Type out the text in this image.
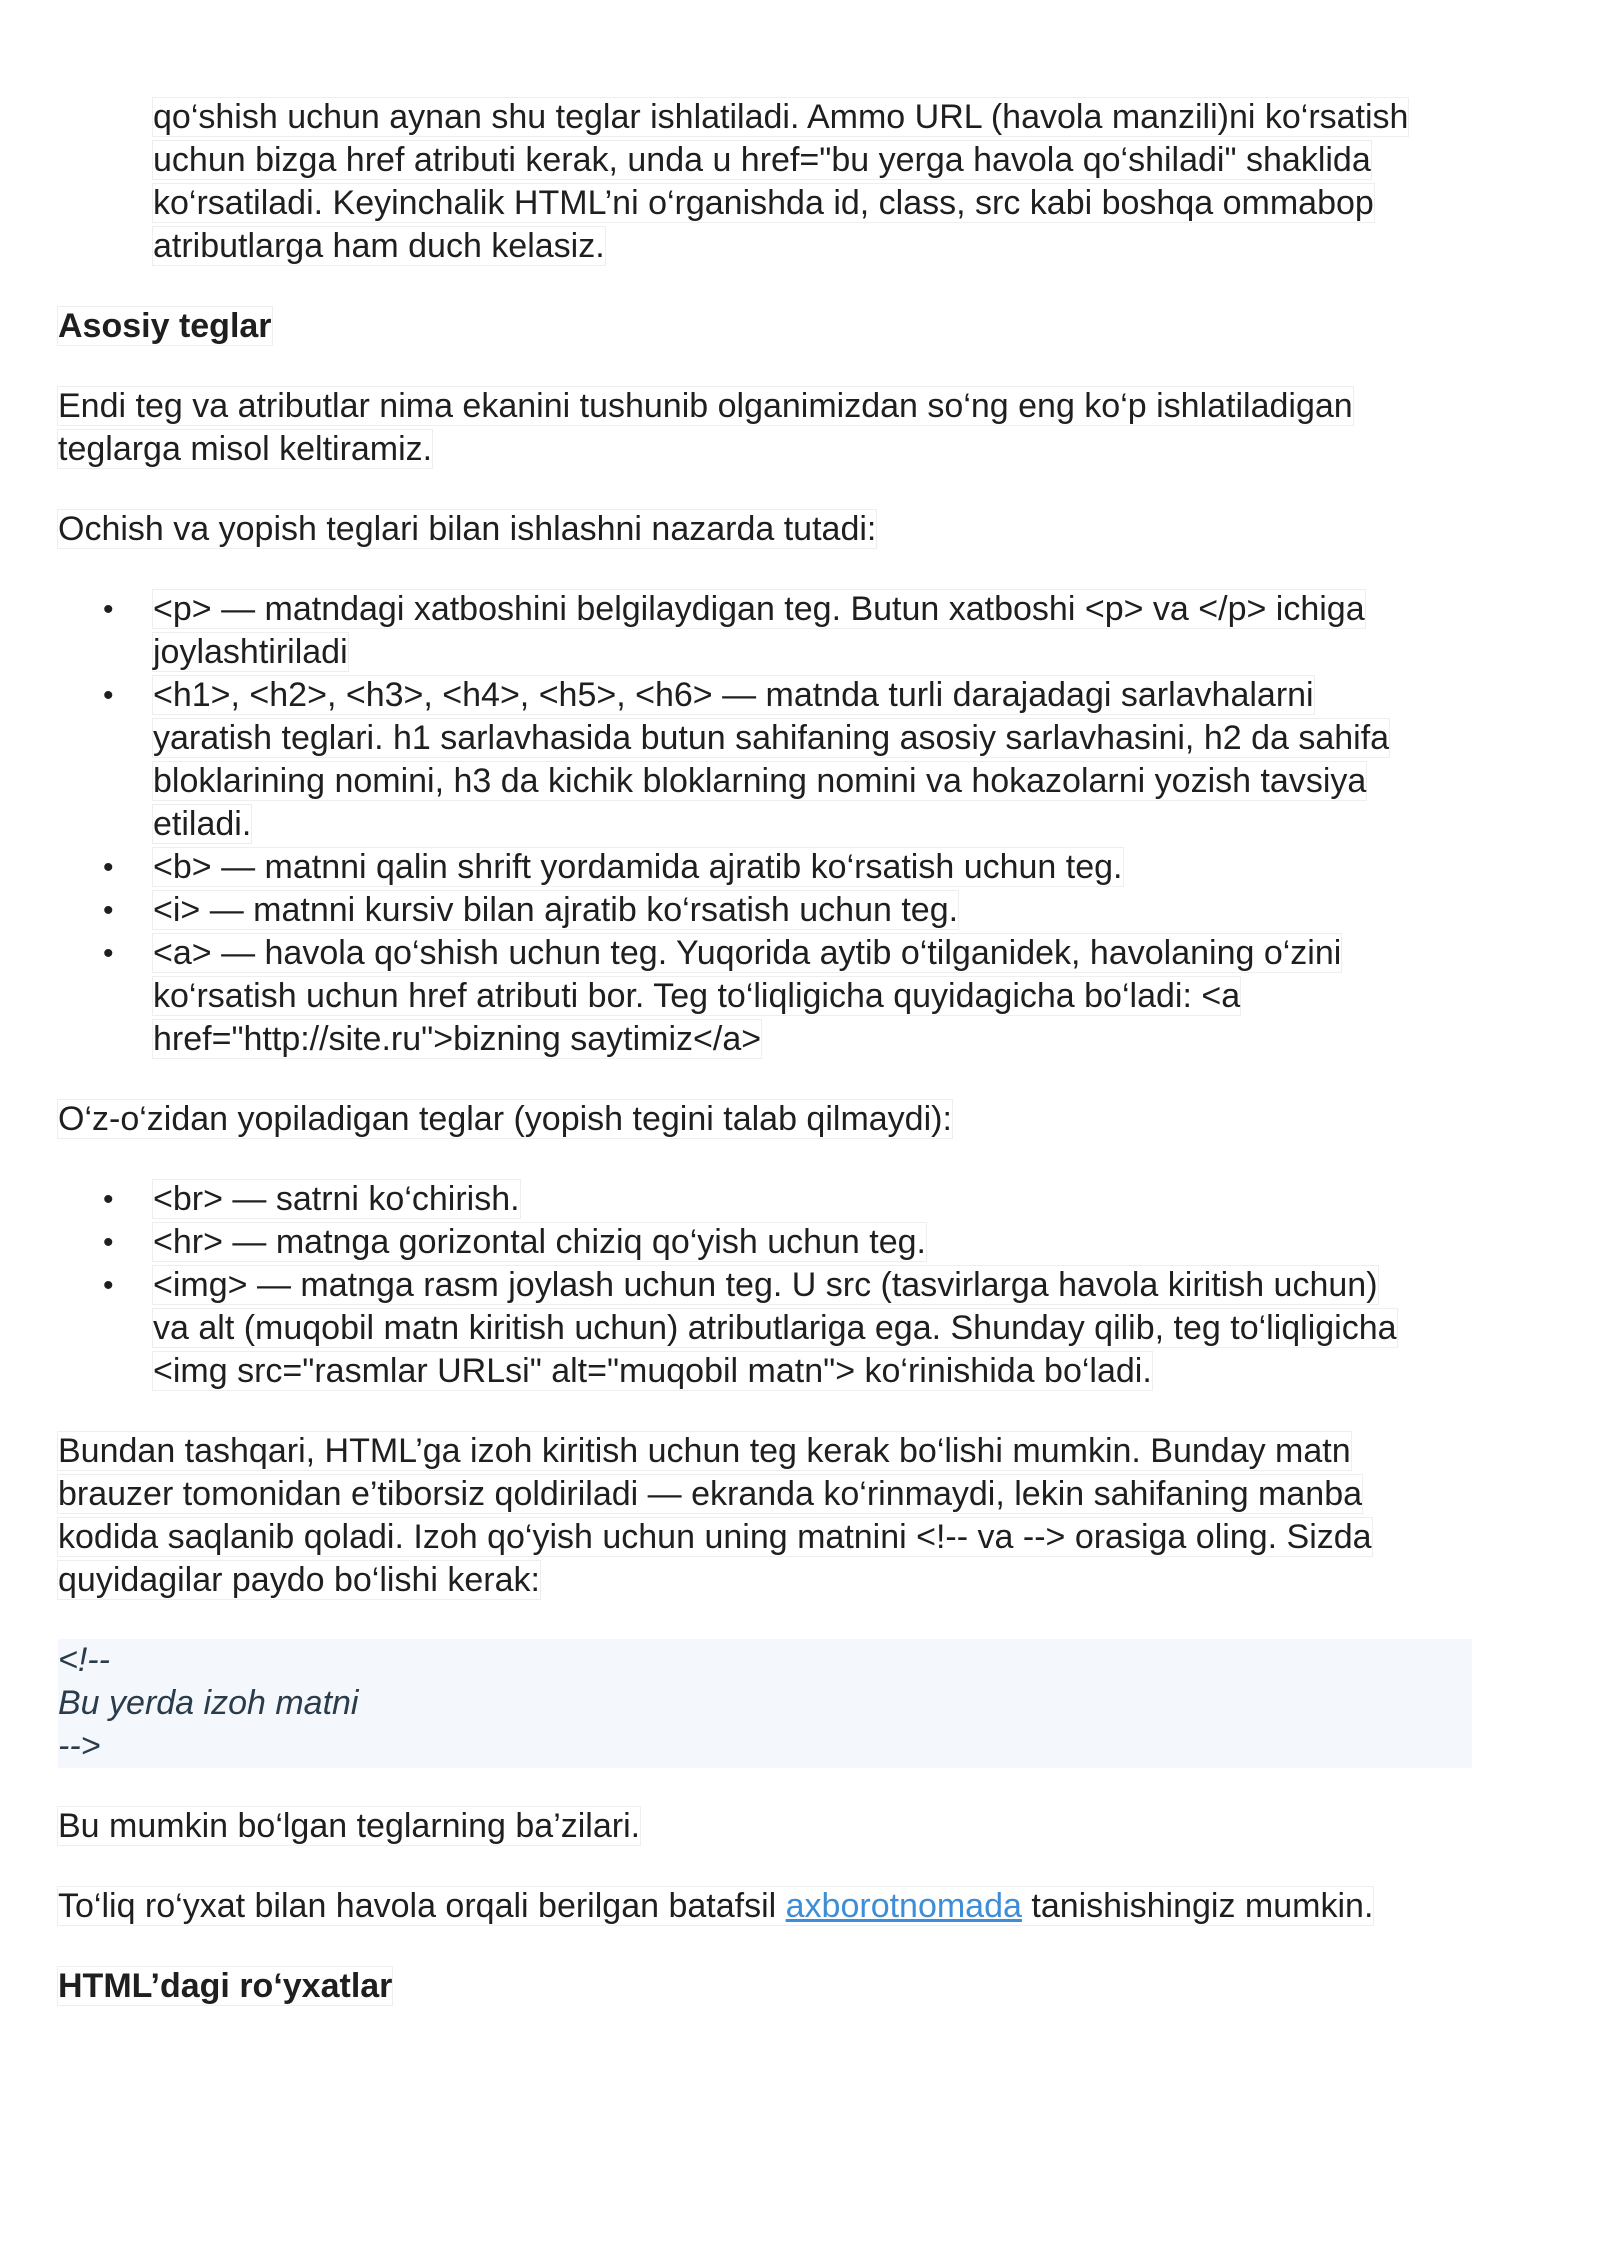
qo‘shish uchun aynan shu teglar ishlatiladi. Ammo URL (havola manzili)ni ko‘rsatish
uchun bizga href atributi kerak, unda u href="bu yerga havola qo‘shiladi" shaklida
ko‘rsatiladi. Keyinchalik HTML’ni o‘rganishda id, class, src kabi boshqa ommabop
atributlarga ham duch kelasiz.
Asosiy teglar
Endi teg va atributlar nima ekanini tushunib olganimizdan so‘ng eng ko‘p ishlatiladigan
teglarga misol keltiramiz.
Ochish va yopish teglari bilan ishlashni nazarda tutadi:
• <p> — matndagi xatboshini belgilaydigan teg. Butun xatboshi <p> va </p> ichiga
joylashtiriladi
• <h1>, <h2>, <h3>, <h4>, <h5>, <h6> — matnda turli darajadagi sarlavhalarni
yaratish teglari. h1 sarlavhasida butun sahifaning asosiy sarlavhasini, h2 da sahifa
bloklarining nomini, h3 da kichik bloklarning nomini va hokazolarni yozish tavsiya
etiladi.
• <b> — matnni qalin shrift yordamida ajratib ko‘rsatish uchun teg.
• <i> — matnni kursiv bilan ajratib ko‘rsatish uchun teg.
• <a> — havola qo‘shish uchun teg. Yuqorida aytib o‘tilganidek, havolaning o‘zini
ko‘rsatish uchun href atributi bor. Teg to‘liqligicha quyidagicha bo‘ladi: <a
href="http://site.ru">bizning saytimiz</a>
O‘z-o‘zidan yopiladigan teglar (yopish tegini talab qilmaydi):
• <br> — satrni ko‘chirish.
• <hr> — matnga gorizontal chiziq qo‘yish uchun teg.
• <img> — matnga rasm joylash uchun teg. U src (tasvirlarga havola kiritish uchun)
va alt (muqobil matn kiritish uchun) atributlariga ega. Shunday qilib, teg to‘liqligicha
<img src="rasmlar URLsi" alt="muqobil matn"> ko‘rinishida bo‘ladi.
Bundan tashqari, HTML’ga izoh kiritish uchun teg kerak bo‘lishi mumkin. Bunday matn
brauzer tomonidan e’tiborsiz qoldiriladi — ekranda ko‘rinmaydi, lekin sahifaning manba
kodida saqlanib qoladi. Izoh qo‘yish uchun uning matnini <!-- va --> orasiga oling. Sizda
quyidagilar paydo bo‘lishi kerak:
<!--
Bu yerda izoh matni
-->
Bu mumkin bo‘lgan teglarning ba’zilari.
To‘liq ro‘yxat bilan havola orqali berilgan batafsil axborotnomada tanishishingiz mumkin.
HTML’dagi ro‘yxatlar
